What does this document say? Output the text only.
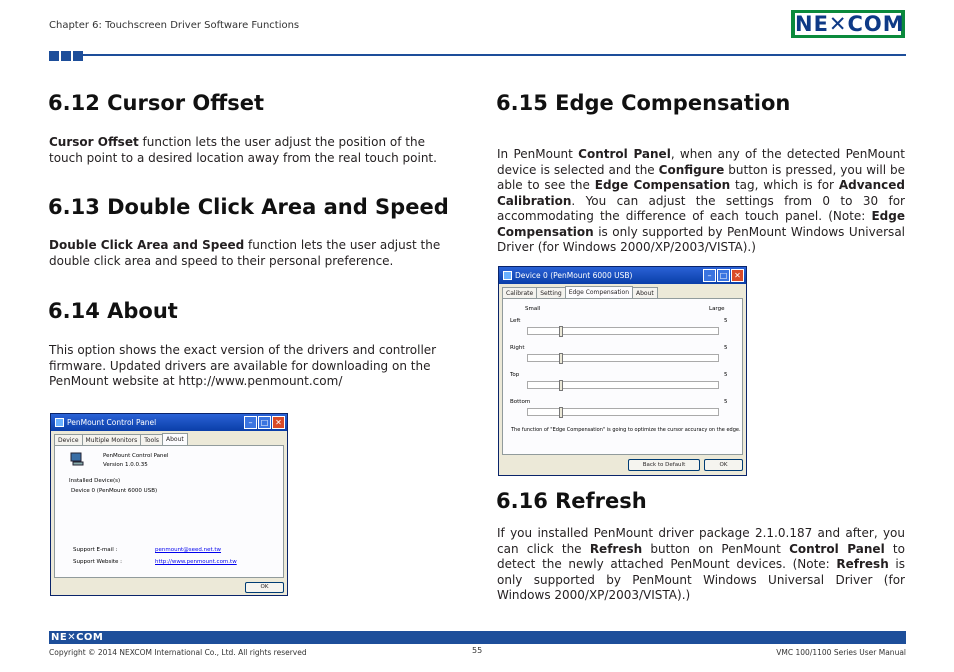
Chapter 6: Touchscreen Driver Software Functions	NE✕COM
6.12 Cursor Offset
Cursor Offset function lets the user adjust the position of the touch point to a desired location away from the real touch point.
6.13 Double Click Area and Speed
Double Click Area and Speed function lets the user adjust the double click area and speed to their personal preference.
6.14 About
This option shows the exact version of the drivers and controller firmware. Updated drivers are available for downloading on the PenMount website at http://www.penmount.com/
PenMount Control Panel	–	□ ✕
Device	Multiple Monitors	Tools	About
PenMount Control Panel
Version 1.0.0.35
Installed Device(s)
Device 0 (PenMount 6000 USB)
Support E-mail :	penmount@seed.net.tw
Support Website :	http://www.penmount.com.tw
OK
6.15 Edge Compensation
In PenMount Control Panel, when any of the detected PenMount device is selected and the Configure button is pressed, you will be able to see the Edge Compensation tag, which is for Advanced Calibration. You can adjust the settings from 0 to 30 for accommodating the difference of each touch panel. (Note: Edge Compensation is only supported by PenMount Windows Universal Driver (for Windows 2000/XP/2003/VISTA).)
Device 0 (PenMount 6000 USB)	–	□ ✕
Calibrate	Setting	Edge Compensation	About
Small	Large
Left	5
Right	5
Top	5
Bottom	5
The function of "Edge Compensation" is going to optimize the cursor accuracy on the edge.
Back to Default	OK
6.16 Refresh
If you installed PenMount driver package 2.1.0.187 and after, you can click the Refresh button on PenMount Control Panel to detect the newly attached PenMount devices. (Note: Refresh is only supported by PenMount Windows Universal Driver (for Windows 2000/XP/2003/VISTA).)
NE✕COM
Copyright © 2014 NEXCOM International Co., Ltd. All rights reserved	55	VMC 100/1100 Series User Manual
